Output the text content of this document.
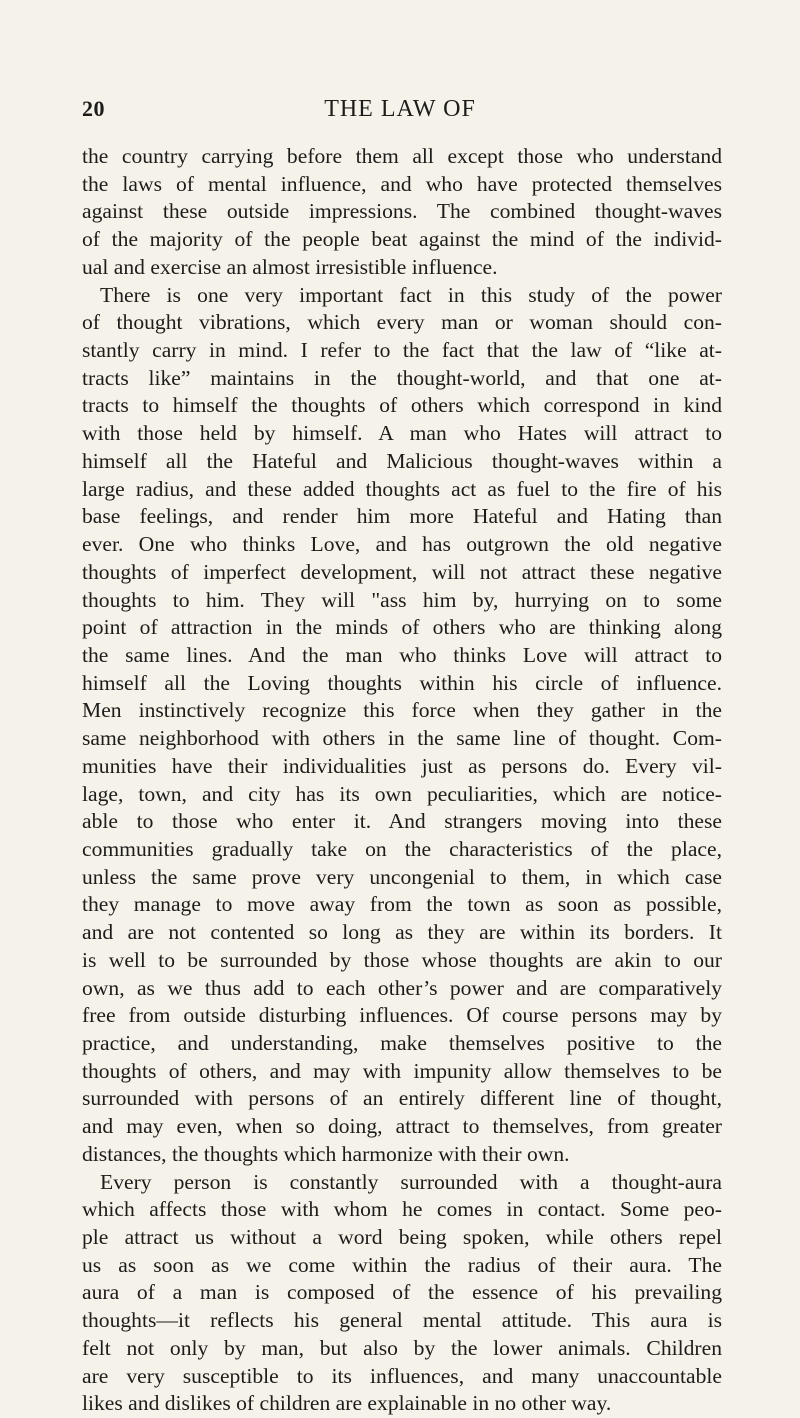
20	THE LAW OF
the country carrying before them all except those who understand
the laws of mental influence, and who have protected themselves
against these outside impressions. The combined thought-waves
of the majority of the people beat against the mind of the individ-
ual and exercise an almost irresistible influence.
There is one very important fact in this study of the power
of thought vibrations, which every man or woman should con-
stantly carry in mind. I refer to the fact that the law of “like at-
tracts like” maintains in the thought-world, and that one at-
tracts to himself the thoughts of others which correspond in kind
with those held by himself. A man who Hates will attract to
himself all the Hateful and Malicious thought-waves within a
large radius, and these added thoughts act as fuel to the fire of his
base feelings, and render him more Hateful and Hating than
ever. One who thinks Love, and has outgrown the old negative
thoughts of imperfect development, will not attract these negative
thoughts to him. They will "ass him by, hurrying on to some
point of attraction in the minds of others who are thinking along
the same lines. And the man who thinks Love will attract to
himself all the Loving thoughts within his circle of influence.
Men instinctively recognize this force when they gather in the
same neighborhood with others in the same line of thought. Com-
munities have their individualities just as persons do. Every vil-
lage, town, and city has its own peculiarities, which are notice-
able to those who enter it. And strangers moving into these
communities gradually take on the characteristics of the place,
unless the same prove very uncongenial to them, in which case
they manage to move away from the town as soon as possible,
and are not contented so long as they are within its borders. It
is well to be surrounded by those whose thoughts are akin to our
own, as we thus add to each other’s power and are comparatively
free from outside disturbing influences. Of course persons may by
practice, and understanding, make themselves positive to the
thoughts of others, and may with impunity allow themselves to be
surrounded with persons of an entirely different line of thought,
and may even, when so doing, attract to themselves, from greater
distances, the thoughts which harmonize with their own.
Every person is constantly surrounded with a thought-aura
which affects those with whom he comes in contact. Some peo-
ple attract us without a word being spoken, while others repel
us as soon as we come within the radius of their aura. The
aura of a man is composed of the essence of his prevailing
thoughts—it reflects his general mental attitude. This aura is
felt not only by man, but also by the lower animals. Children
are very susceptible to its influences, and many unaccountable
likes and dislikes of children are explainable in no other way.
